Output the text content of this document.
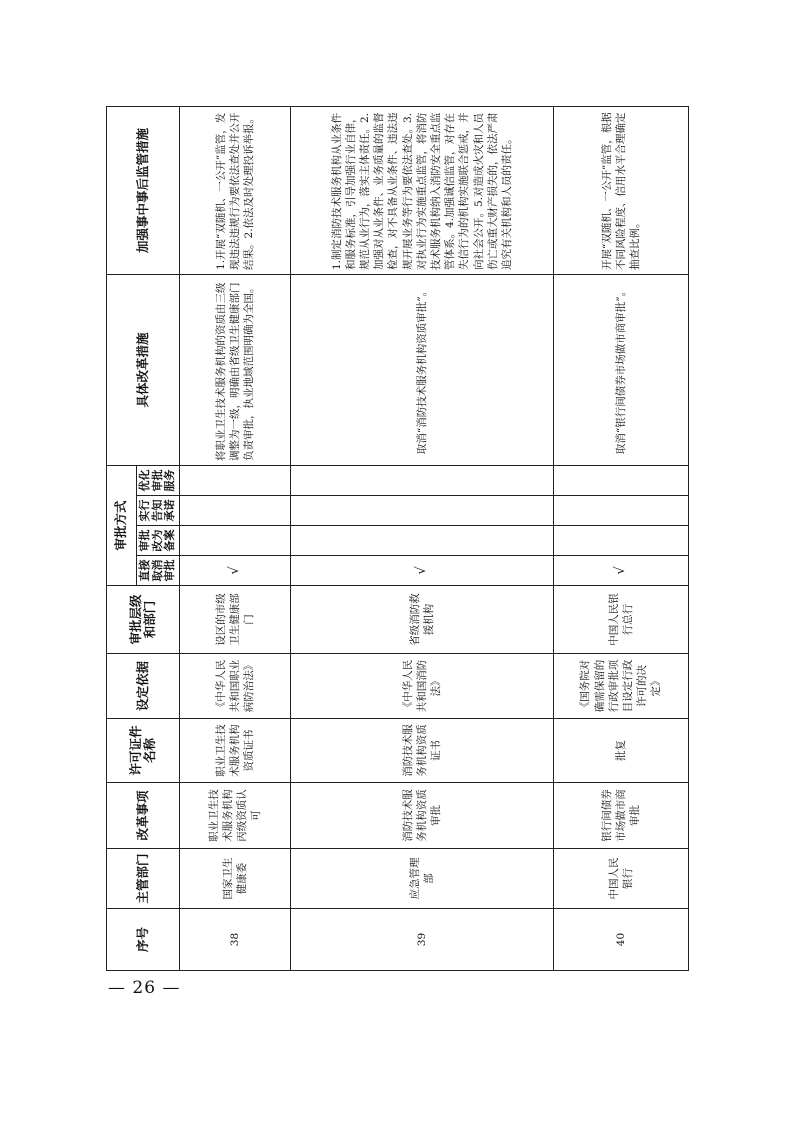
序号	主管部门	改革事项	许可证件名称	设定依据	审批层级和部门	审批方式				具体改革措施	加强事中事后监管措施
						直接取消审批	审批改为备案	实行告知承诺	优化审批服务		
38	国家卫生健康委	职业卫生技术服务机构丙级资质认可	职业卫生技术服务机构资质证书	《中华人民共和国职业病防治法》	设区的市级卫生健康部门	√				将职业卫生技术服务机构的资质由三级调整为一级，明确由省级卫生健康部门负责审批，执业地域范围明确为全国。	1.开展“双随机、一公开”监管，发现违法违规行为要依法查处并公开结果。2.依法及时处理投诉举报。
39	应急管理部	消防技术服务机构资质审批	消防技术服务机构资质证书	《中华人民共和国消防法》	省级消防救援机构	√				取消“消防技术服务机构资质审批”。	1.制定消防技术服务机构从业条件和服务标准，引导加强行业自律，规范从业行为，落实主体责任。2.加强对从业条件、业务质量的监督检查，对不具备从业条件、违法违规开展业务等行为要依法查处。3.对执业行为实施重点监管，将消防技术服务机构纳入消防安全重点监管体系。4.加强诚信监管，对存在失信行为的机构实施联合惩戒，并向社会公开。5.对造成火灾和人员伤亡或重大财产损失的，依法严肃追究有关机构和人员的责任。
40	中国人民银行	银行间债券市场做市商审批	批复	《国务院对确需保留的行政审批项目设定行政许可的决定》	中国人民银行总行	√				取消“银行间债券市场做市商审批”。	开展“双随机、一公开”监管，根据不同风险程度、信用水平合理确定抽查比例。
— 26 —
